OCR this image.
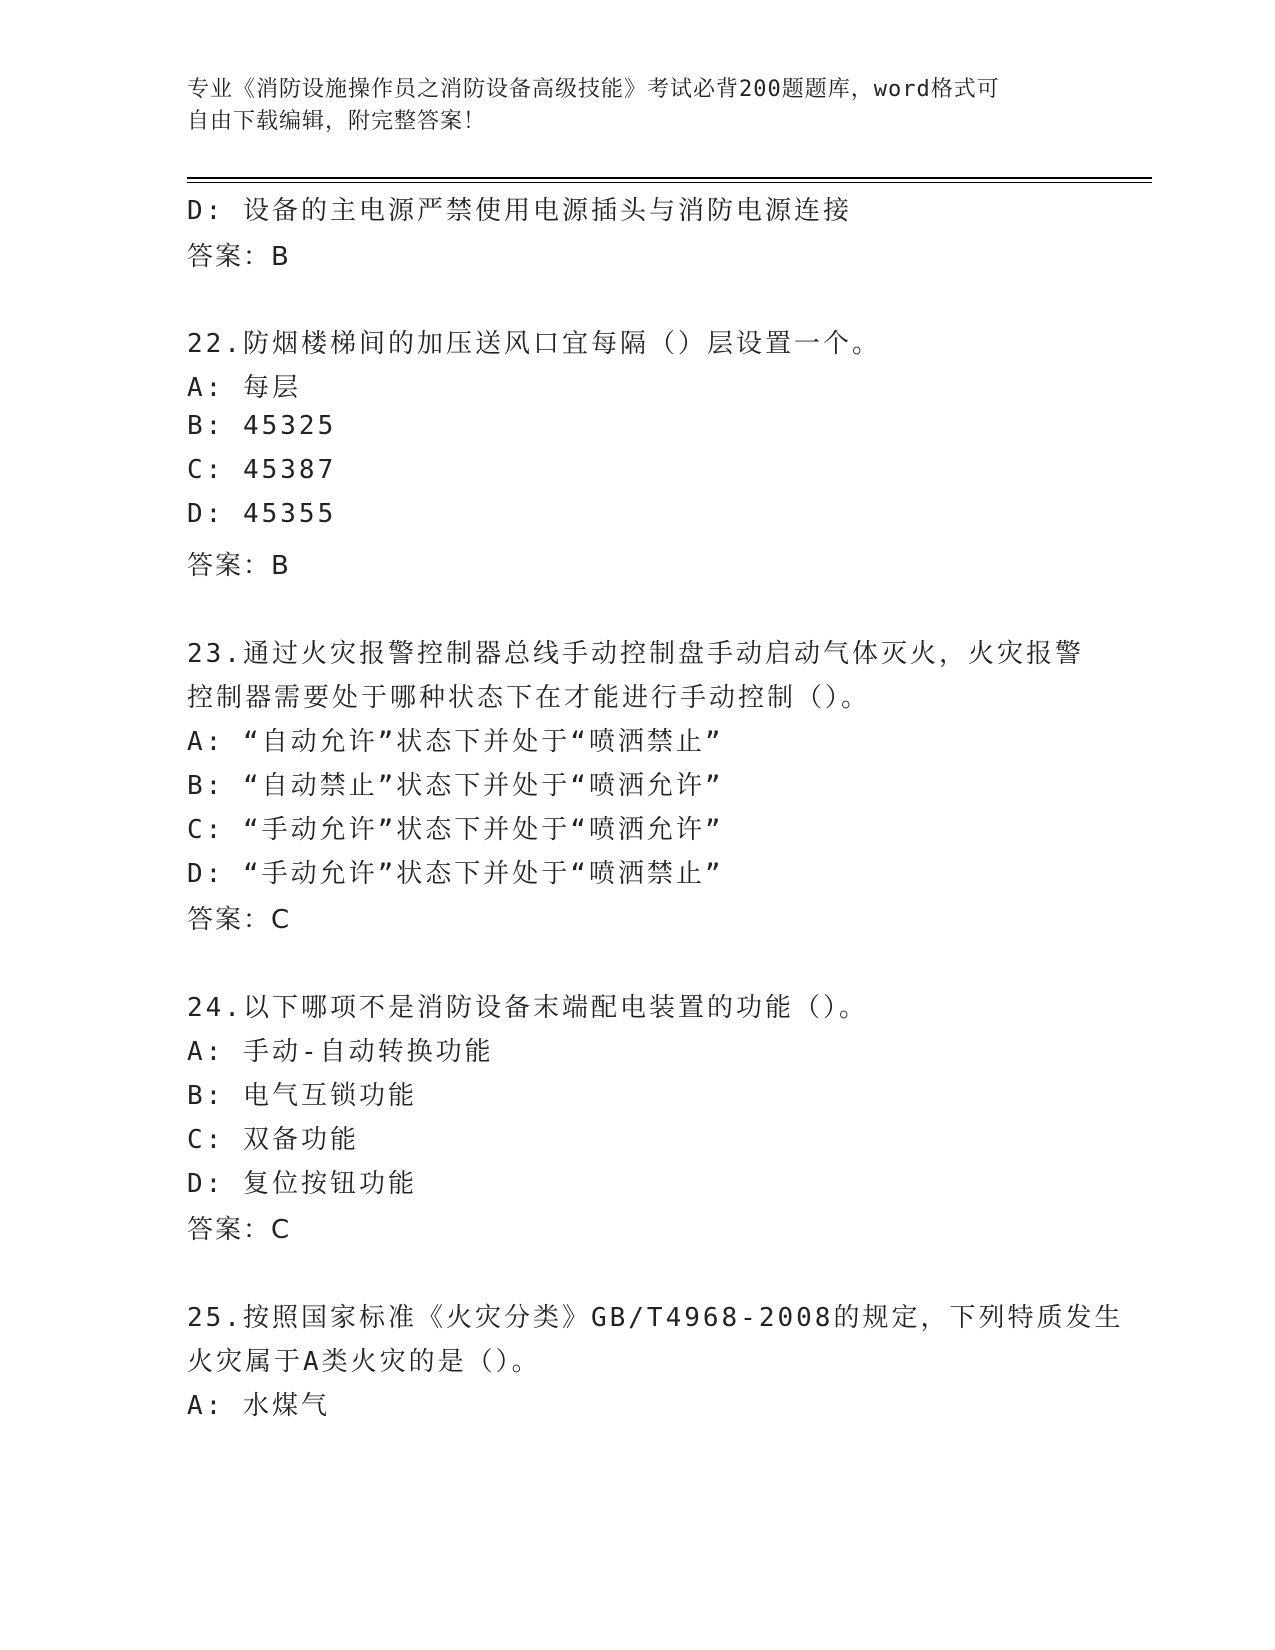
专业《消防设施操作员之消防设备高级技能》考试必背200题题库，word格式可
自由下载编辑，附完整答案！
D: 设备的主电源严禁使用电源插头与消防电源连接
答案：B
22.防烟楼梯间的加压送风口宜每隔（）层设置一个。
A: 每层
B: 45325
C: 45387
D: 45355
答案：B
23.通过火灾报警控制器总线手动控制盘手动启动气体灭火，火灾报警
控制器需要处于哪种状态下在才能进行手动控制（）。
A: “自动允许”状态下并处于“喷洒禁止”
B: “自动禁止”状态下并处于“喷洒允许”
C: “手动允许”状态下并处于“喷洒允许”
D: “手动允许”状态下并处于“喷洒禁止”
答案：C
24.以下哪项不是消防设备末端配电装置的功能（）。
A: 手动-自动转换功能
B: 电气互锁功能
C: 双备功能
D: 复位按钮功能
答案：C
25.按照国家标准《火灾分类》GB/T4968-2008的规定，下列特质发生
火灾属于A类火灾的是（）。
A: 水煤气
